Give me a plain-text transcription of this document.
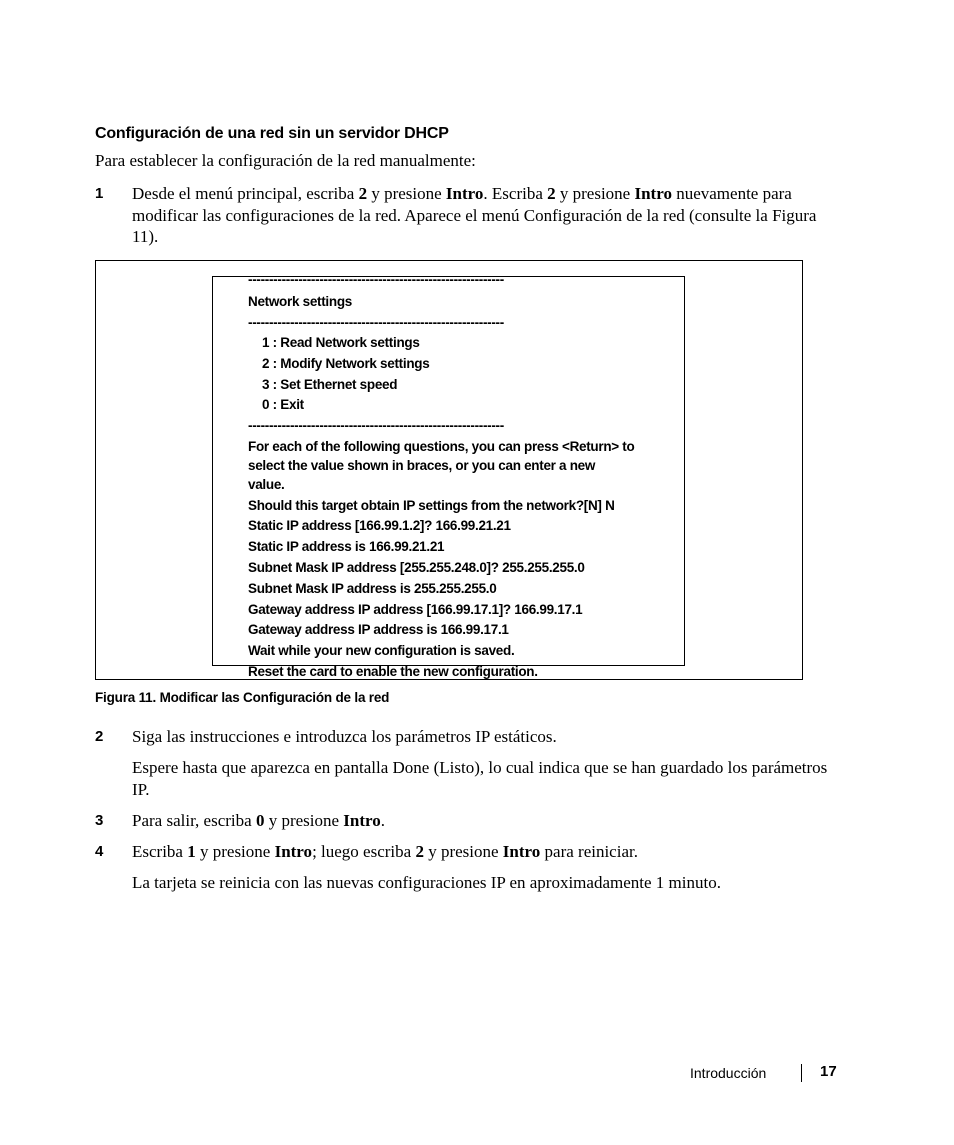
Configuración de una red sin un servidor DHCP
Para establecer la configuración de la red manualmente:
1	Desde el menú principal, escriba 2 y presione Intro. Escriba 2 y presione Intro nuevamente para modificar las configuraciones de la red. Aparece el menú Configuración de la red (consulte la Figura 11).
-------------------------------------------------------------
Network settings
-------------------------------------------------------------
1 : Read Network settings
2 : Modify Network settings
3 : Set Ethernet speed
0 : Exit
-------------------------------------------------------------
For each of the following questions, you can press <Return> to
select the value shown in braces, or you can enter a new
value.
Should this target obtain IP settings from the network?[N] N
Static IP address [166.99.1.2]? 166.99.21.21
Static IP address is 166.99.21.21
Subnet Mask IP address [255.255.248.0]? 255.255.255.0
Subnet Mask IP address is 255.255.255.0
Gateway address IP address [166.99.17.1]? 166.99.17.1
Gateway address IP address is 166.99.17.1
Wait while your new configuration is saved.
Reset the card to enable the new configuration.
Figura 11. Modificar las Configuración de la red
2	Siga las instrucciones e introduzca los parámetros IP estáticos.
Espere hasta que aparezca en pantalla Done (Listo), lo cual indica que se han guardado los parámetros IP.
3	Para salir, escriba 0 y presione Intro.
4	Escriba 1 y presione Intro; luego escriba 2 y presione Intro para reiniciar.
La tarjeta se reinicia con las nuevas configuraciones IP en aproximadamente 1 minuto.
Introducción	17
